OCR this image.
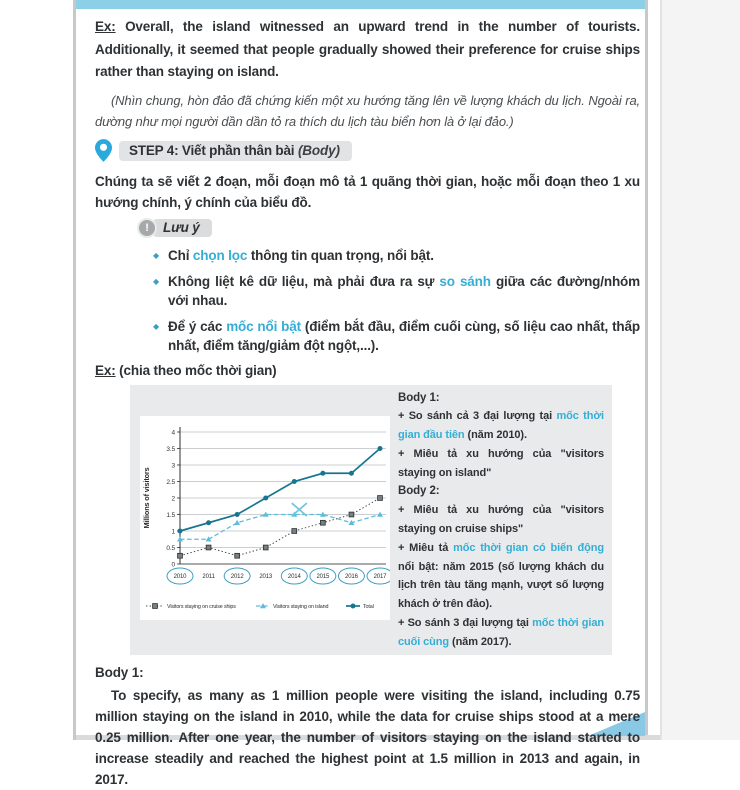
Ex: Overall, the island witnessed an upward trend in the number of tourists. Additionally, it seemed that people gradually showed their preference for cruise ships rather than staying on island.

(Nhìn chung, hòn đảo đã chứng kiến một xu hướng tăng lên về lượng khách du lịch. Ngoài ra, dường như mọi người dần dần tỏ ra thích du lịch tàu biển hơn là ở lại đảo.)

STEP 4: Viết phần thân bài (Body)

Chúng ta sẽ viết 2 đoạn, mỗi đoạn mô tả 1 quãng thời gian, hoặc mỗi đoạn theo 1 xu hướng chính, ý chính của biểu đồ.

!	Lưu ý
◆ Chỉ chọn lọc thông tin quan trọng, nổi bật.
◆ Không liệt kê dữ liệu, mà phải đưa ra sự so sánh giữa các đường/nhóm với nhau.
◆ Để ý các mốc nổi bật (điểm bắt đầu, điểm cuối cùng, số liệu cao nhất, thấp nhất, điểm tăng/giảm đột ngột,...).

Ex: (chia theo mốc thời gian)

0
0.5
1
1.5
2
2.5
3
3.5
4
Millions of visitors
2010	2011	2012	2013	2014	2015	2016	2017
Visitors staying on cruise ships	Visitors staying on island	Total
Body 1:
+ So sánh cả 3 đại lượng tại mốc thời gian đầu tiên (năm 2010).
+ Miêu tả xu hướng của "visitors staying on island"
Body 2:
+ Miêu tả xu hướng của "visitors staying on cruise ships"
+ Miêu tả mốc thời gian có biến động nổi bật: năm 2015 (số lượng khách du lịch trên tàu tăng mạnh, vượt số lượng khách ở trên đảo).
+ So sánh 3 đại lượng tại mốc thời gian cuối cùng (năm 2017).

Body 1:

To specify, as many as 1 million people were visiting the island, including 0.75 million staying on the island in 2010, while the data for cruise ships stood at a mere 0.25 million. After one year, the number of visitors staying on the island started to increase steadily and reached the highest point at 1.5 million in 2013 and again, in 2017.
